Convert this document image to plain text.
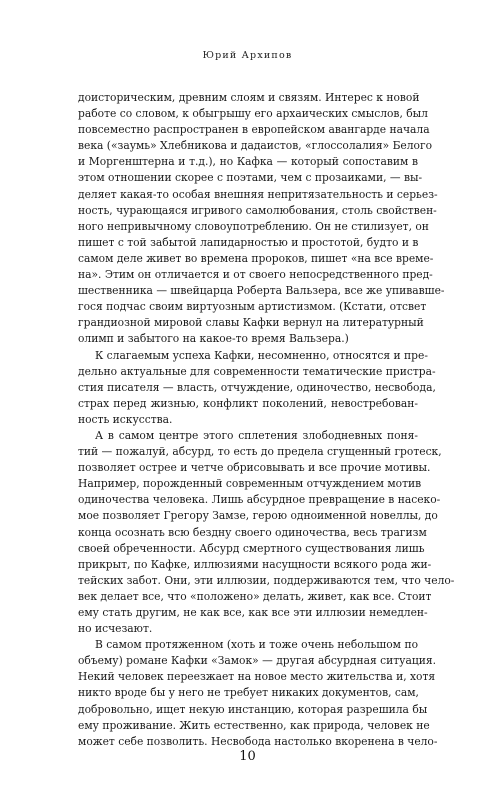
Юрий Архипов
доисторическим, древним слоям и связям. Интерес к новой
работе со словом, к обыгрышу его архаических смыслов, был
повсеместно распространен в европейском авангарде начала
века («заумь» Хлебникова и дадаистов, «глоссолалия» Белого
и Моргенштерна и т.д.), но Кафка — который сопоставим в
этом отношении скорее с поэтами, чем с прозаиками, — вы-
деляет какая-то особая внешняя непритязательность и серьез-
ность, чурающаяся игривого самолюбования, столь свойствен-
ного непривычному словоупотреблению. Он не стилизует, он
пишет с той забытой лапидарностью и простотой, будто и в
самом деле живет во времена пророков, пишет «на все време-
на». Этим он отличается и от своего непосредственного пред-
шественника — швейцарца Роберта Вальзера, все же упивавше-
гося подчас своим виртуозным артистизмом. (Кстати, отсвет
грандиозной мировой славы Кафки вернул на литературный
олимп и забытого на какое-то время Вальзера.)
К слагаемым успеха Кафки, несомненно, относятся и пре-
дельно актуальные для современности тематические пристра-
стия писателя — власть, отчуждение, одиночество, несвобода,
страх перед жизнью, конфликт поколений, невостребован-
ность искусства.
А в самом центре этого сплетения злободневных поня-
тий — пожалуй, абсурд, то есть до предела сгущенный гротеск,
позволяет острее и четче обрисовывать и все прочие мотивы.
Например, порожденный современным отчуждением мотив
одиночества человека. Лишь абсурдное превращение в насеко-
мое позволяет Грегору Замзе, герою одноименной новеллы, до
конца осознать всю бездну своего одиночества, весь трагизм
своей обреченности. Абсурд смертного существования лишь
прикрыт, по Кафке, иллюзиями насущности всякого рода жи-
тейских забот. Они, эти иллюзии, поддерживаются тем, что чело-
век делает все, что «положено» делать, живет, как все. Стоит
ему стать другим, не как все, как все эти иллюзии немедлен-
но исчезают.
В самом протяженном (хоть и тоже очень небольшом по
объему) романе Кафки «Замок» — другая абсурдная ситуация.
Некий человек переезжает на новое место жительства и, хотя
никто вроде бы у него не требует никаких документов, сам,
добровольно, ищет некую инстанцию, которая разрешила бы
ему проживание. Жить естественно, как природа, человек не
может себе позволить. Несвобода настолько вкоренена в чело-
10
